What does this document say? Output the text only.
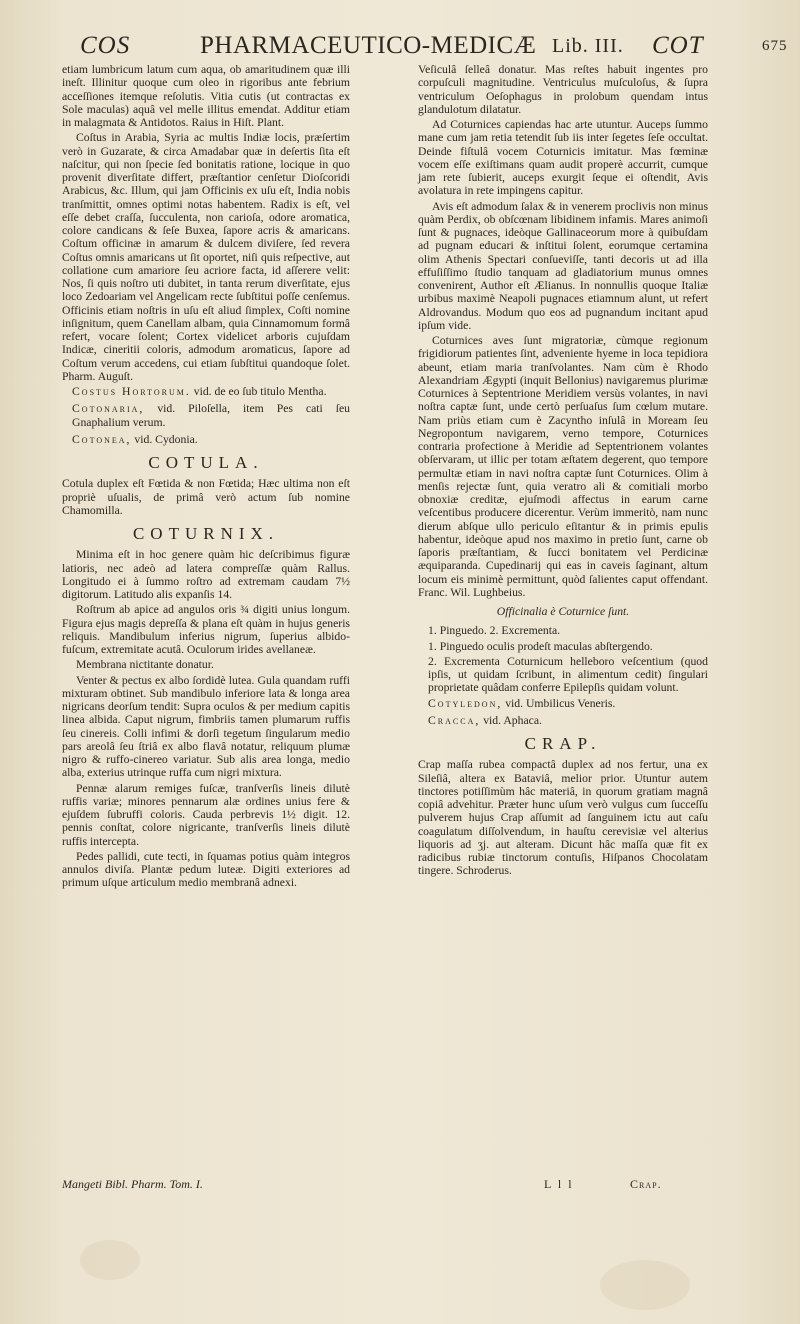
COS	PHARMACEUTICO-MEDICÆ Lib. III. COT	675

etiam lumbricum latum cum aqua, ob amaritudinem quæ illi ineſt. Illinitur quoque cum oleo in rigoribus ante febrium acceſſiones itemque reſolutis. Vitia cutis (ut contractas ex Sole maculas) aquâ vel melle illitus emendat. Additur etiam in malagmata & Antidotos. Raius in Hiſt. Plant.

Coſtus in Arabia, Syria ac multis Indiæ locis, præſertim verò in Guzarate, & circa Amadabar quæ in deſertis ſita eſt naſcitur, qui non ſpecie ſed bonitatis ratione, locique in quo provenit diverſitate differt, præſtantior cenſetur Dioſcoridi Arabicus, &c. Illum, qui jam Officinis ex uſu eſt, India nobis tranſmittit, omnes optimi notas habentem. Radix is eſt, vel eſſe debet craſſa, ſucculenta, non carioſa, odore aromatica, colore candicans & ſeſe Buxea, ſapore acris & amaricans. Coſtum officinæ in amarum & dulcem diviſere, ſed revera Coſtus omnis amaricans ut ſit oportet, niſi quis reſpective, aut collatione cum amariore ſeu acriore facta, id aſſerere velit: Nos, ſi quis noſtro uti dubitet, in tanta rerum diverſitate, ejus loco Zedoariam vel Angelicam recte ſubſtitui poſſe cenſemus. Officinis etiam noſtris in uſu eſt aliud ſimplex, Coſti nomine inſignitum, quem Canellam albam, quia Cinnamomum formâ refert, vocare ſolent; Cortex videlicet arboris cujuſdam Indicæ, cineritii coloris, admodum aromaticus, ſapore ad Coſtum verum accedens, cui etiam ſubſtitui quandoque ſolet. Pharm. Auguſt.

Costus Hortorum. vid. de eo ſub titulo Mentha.

Cotonaria, vid. Piloſella, item Pes cati ſeu Gnaphalium verum.

Cotonea, vid. Cydonia.

COTULA.

Cotula duplex eſt Fœtida & non Fœtida; Hæc ultima non eſt propriè uſualis, de primâ verò actum ſub nomine Chamomilla.

COTURNIX.

Minima eſt in hoc genere quàm hic deſcribimus figuræ latioris, nec adeò ad latera compreſſæ quàm Rallus. Longitudo ei à ſummo roſtro ad extremam caudam 7½ digitorum. Latitudo alis expanſis 14.

Roſtrum ab apice ad angulos oris ¾ digiti unius longum. Figura ejus magis depreſſa & plana eſt quàm in hujus generis reliquis. Mandibulum inferius nigrum, ſuperius albido-fuſcum, extremitate acutâ. Oculorum irides avellaneæ.

Membrana nictitante donatur.

Venter & pectus ex albo ſordidè lutea. Gula quandam ruffi mixturam obtinet. Sub mandibulo inferiore lata & longa area nigricans deorſum tendit: Supra oculos & per medium capitis linea albida. Caput nigrum, fimbriis tamen plumarum ruffis ſeu cinereis. Colli infimi & dorſi tegetum ſingularum medio pars areolâ ſeu ſtriâ ex albo flavâ notatur, reliquum plumæ nigro & ruffo-cinereo variatur. Sub alis area longa, medio alba, exterius utrinque ruffa cum nigri mixtura.

Pennæ alarum remiges fuſcæ, tranſverſis lineis dilutè ruffis variæ; minores pennarum alæ ordines unius fere & ejuſdem ſubruffi coloris. Cauda perbrevis 1½ digit. 12. pennis conſtat, colore nigricante, tranſverſis lineis dilutè ruffis intercepta.

Pedes pallidi, cute tecti, in ſquamas potius quàm integros annulos diviſa. Plantæ pedum luteæ. Digiti exteriores ad primum uſque articulum medio membranâ adnexi.

Veſiculâ ſelleâ donatur. Mas reſtes habuit ingentes pro corpuſculi magnitudine. Ventriculus muſculoſus, & ſupra ventriculum Oeſophagus in prolobum quendam intus glandulotum dilatatur.

Ad Coturnices capiendas hac arte utuntur. Auceps ſummo mane cum jam retia tetendit ſub iis inter ſegetes ſeſe occultat. Deinde fiſtulâ vocem Coturnicis imitatur. Mas fœminæ vocem eſſe exiſtimans quam audit properè accurrit, cumque jam rete ſubierit, auceps exurgit ſeque ei oſtendit, Avis avolatura in rete impingens capitur.

Avis eſt admodum ſalax & in venerem proclivis non minus quàm Perdix, ob obſcœnam libidinem infamis. Mares animoſi ſunt & pugnaces, ideòque Gallinaceorum more à quibuſdam ad pugnam educari & inſtitui ſolent, eorumque certamina olim Athenis Spectari conſueviſſe, tanti decoris ut ad illa effuſiſſimo ſtudio tanquam ad gladiatorium munus omnes convenirent, Author eſt Ælianus. In nonnullis quoque Italiæ urbibus maximè Neapoli pugnaces etiamnum alunt, ut refert Aldrovandus. Modum quo eos ad pugnandum incitant apud ipſum vide.

Coturnices aves ſunt migratoriæ, cùmque regionum frigidiorum patientes ſint, adveniente hyeme in loca tepidiora abeunt, etiam maria tranſvolantes. Nam cùm è Rhodo Alexandriam Ægypti (inquit Bellonius) navigaremus plurimæ Coturnices à Septentrione Meridiem versùs volantes, in navi noſtra captæ ſunt, unde certò perſuaſus ſum cœlum mutare. Nam priùs etiam cum è Zacyntho inſulâ in Moream ſeu Negropontum navigarem, verno tempore, Coturnices contraria profectione à Meridie ad Septentrionem volantes obſervaram, ut illic per totam æſtatem degerent, quo tempore permultæ etiam in navi noſtra captæ ſunt Coturnices. Olim à menſis rejectæ ſunt, quia veratro ali & comitiali morbo obnoxiæ creditæ, ejuſmodi affectus in earum carne veſcentibus producere dicerentur. Verùm immeritò, nam nunc dierum abſque ullo periculo eſitantur & in primis epulis habentur, ideòque apud nos maximo in pretio ſunt, carne ob ſaporis præſtantiam, & ſucci bonitatem vel Perdicinæ æquiparanda. Cupedinarij qui eas in caveis ſaginant, altum locum eis minimè permittunt, quòd ſalientes caput offendant. Franc. Wil. Lughbeius.

Officinalia è Coturnice ſunt.

1. Pinguedo. 2. Excrementa.

1. Pinguedo oculis prodeſt maculas abſtergendo.

2. Excrementa Coturnicum helleboro veſcentium (quod ipſis, ut quidam ſcribunt, in alimentum cedit) ſingulari proprietate quâdam conferre Epilepſis quidam volunt.

Cotyledon, vid. Umbilicus Veneris.

Cracca, vid. Aphaca.

CRAP.

Crap maſſa rubea compactâ duplex ad nos fertur, una ex Sileſiâ, altera ex Bataviâ, melior prior. Utuntur autem tinctores potiſſimùm hâc materiâ, in quorum gratiam magnâ copiâ advehitur. Præter hunc uſum verò vulgus cum ſucceſſu pulverem hujus Crap aſſumit ad ſanguinem ictu aut caſu coagulatum diſſolvendum, in hauſtu cerevisiæ vel alterius liquoris ad ʒj. aut alteram. Dicunt hâc maſſa quæ fit ex radicibus rubiæ tinctorum contuſis, Hiſpanos Chocolatam tingere. Schroderus.

Mangeti Bibl. Pharm. Tom. I.	L l l	Crap.
